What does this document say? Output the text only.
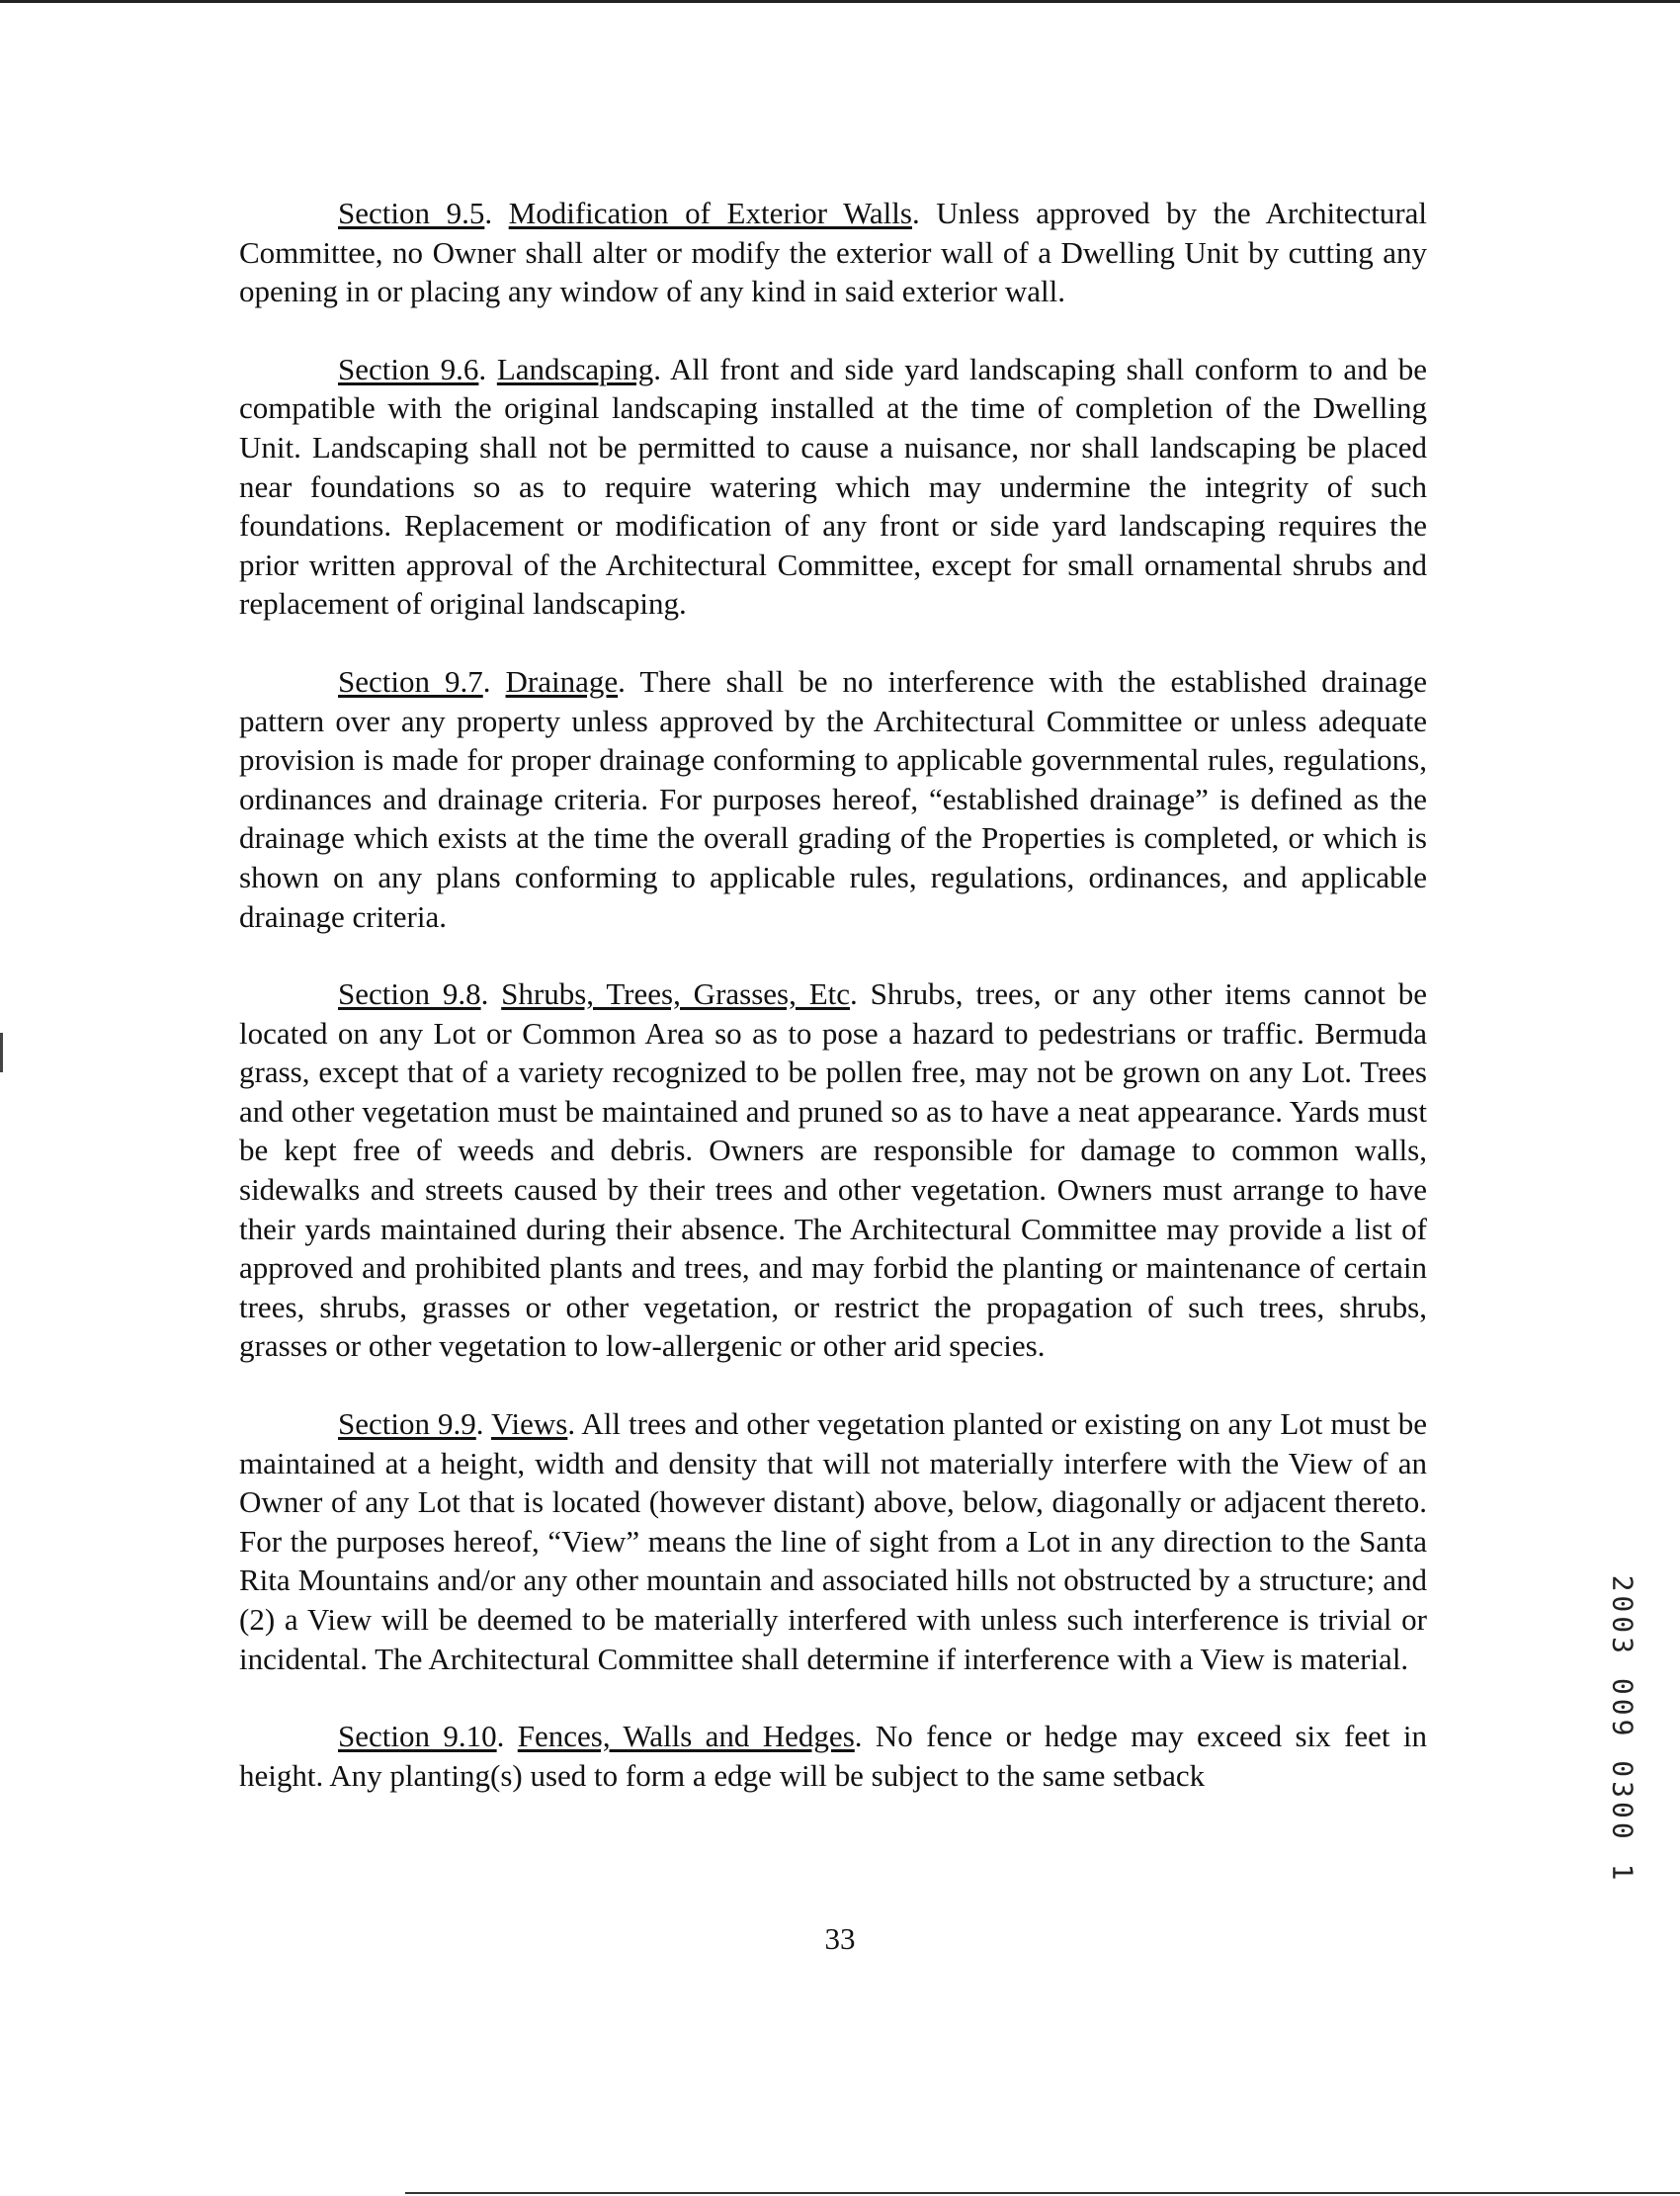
Section 9.5. Modification of Exterior Walls. Unless approved by the Architectural Committee, no Owner shall alter or modify the exterior wall of a Dwelling Unit by cutting any opening in or placing any window of any kind in said exterior wall.

Section 9.6. Landscaping. All front and side yard landscaping shall conform to and be compatible with the original landscaping installed at the time of completion of the Dwelling Unit. Landscaping shall not be permitted to cause a nuisance, nor shall landscaping be placed near foundations so as to require watering which may undermine the integrity of such foundations. Replacement or modification of any front or side yard landscaping requires the prior written approval of the Architectural Committee, except for small ornamental shrubs and replacement of original landscaping.

Section 9.7. Drainage. There shall be no interference with the established drainage pattern over any property unless approved by the Architectural Committee or unless adequate provision is made for proper drainage conforming to applicable governmental rules, regulations, ordinances and drainage criteria. For purposes hereof, “established drainage” is defined as the drainage which exists at the time the overall grading of the Properties is completed, or which is shown on any plans conforming to applicable rules, regulations, ordinances, and applicable drainage criteria.

Section 9.8. Shrubs, Trees, Grasses, Etc. Shrubs, trees, or any other items cannot be located on any Lot or Common Area so as to pose a hazard to pedestrians or traffic. Bermuda grass, except that of a variety recognized to be pollen free, may not be grown on any Lot. Trees and other vegetation must be maintained and pruned so as to have a neat appearance. Yards must be kept free of weeds and debris. Owners are responsible for damage to common walls, sidewalks and streets caused by their trees and other vegetation. Owners must arrange to have their yards maintained during their absence. The Architectural Committee may provide a list of approved and prohibited plants and trees, and may forbid the planting or maintenance of certain trees, shrubs, grasses or other vegetation, or restrict the propagation of such trees, shrubs, grasses or other vegetation to low-allergenic or other arid species.

Section 9.9. Views. All trees and other vegetation planted or existing on any Lot must be maintained at a height, width and density that will not materially interfere with the View of an Owner of any Lot that is located (however distant) above, below, diagonally or adjacent thereto. For the purposes hereof, “View” means the line of sight from a Lot in any direction to the Santa Rita Mountains and/or any other mountain and associated hills not obstructed by a structure; and (2) a View will be deemed to be materially interfered with unless such interference is trivial or incidental. The Architectural Committee shall determine if interference with a View is material.

Section 9.10. Fences, Walls and Hedges. No fence or hedge may exceed six feet in height. Any planting(s) used to form a edge will be subject to the same setback

33
2003 009 0300 1
